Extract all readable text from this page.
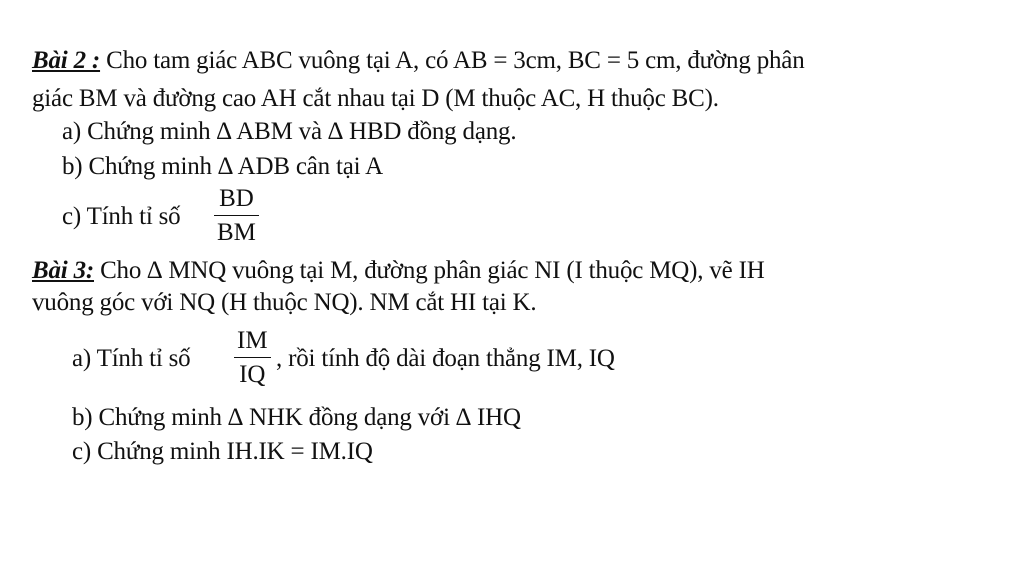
Bài 2 : Cho tam giác ABC vuông tại A, có AB = 3cm, BC = 5 cm, đường phân
giác BM và đường cao AH cắt nhau tại D (M thuộc AC, H thuộc BC).
a) Chứng minh ∆ ABM và ∆ HBD đồng dạng.
b) Chứng minh ∆ ADB cân tại A
c) Tính tỉ số
BD
BM
Bài 3: Cho ∆ MNQ vuông tại M, đường phân giác NI (I thuộc MQ), vẽ IH
vuông góc với NQ (H thuộc NQ). NM cắt HI tại K.
a) Tính tỉ số
IM
IQ
, rồi tính độ dài đoạn thẳng IM, IQ
b) Chứng minh ∆ NHK đồng dạng với ∆ IHQ
c) Chứng minh IH.IK = IM.IQ
